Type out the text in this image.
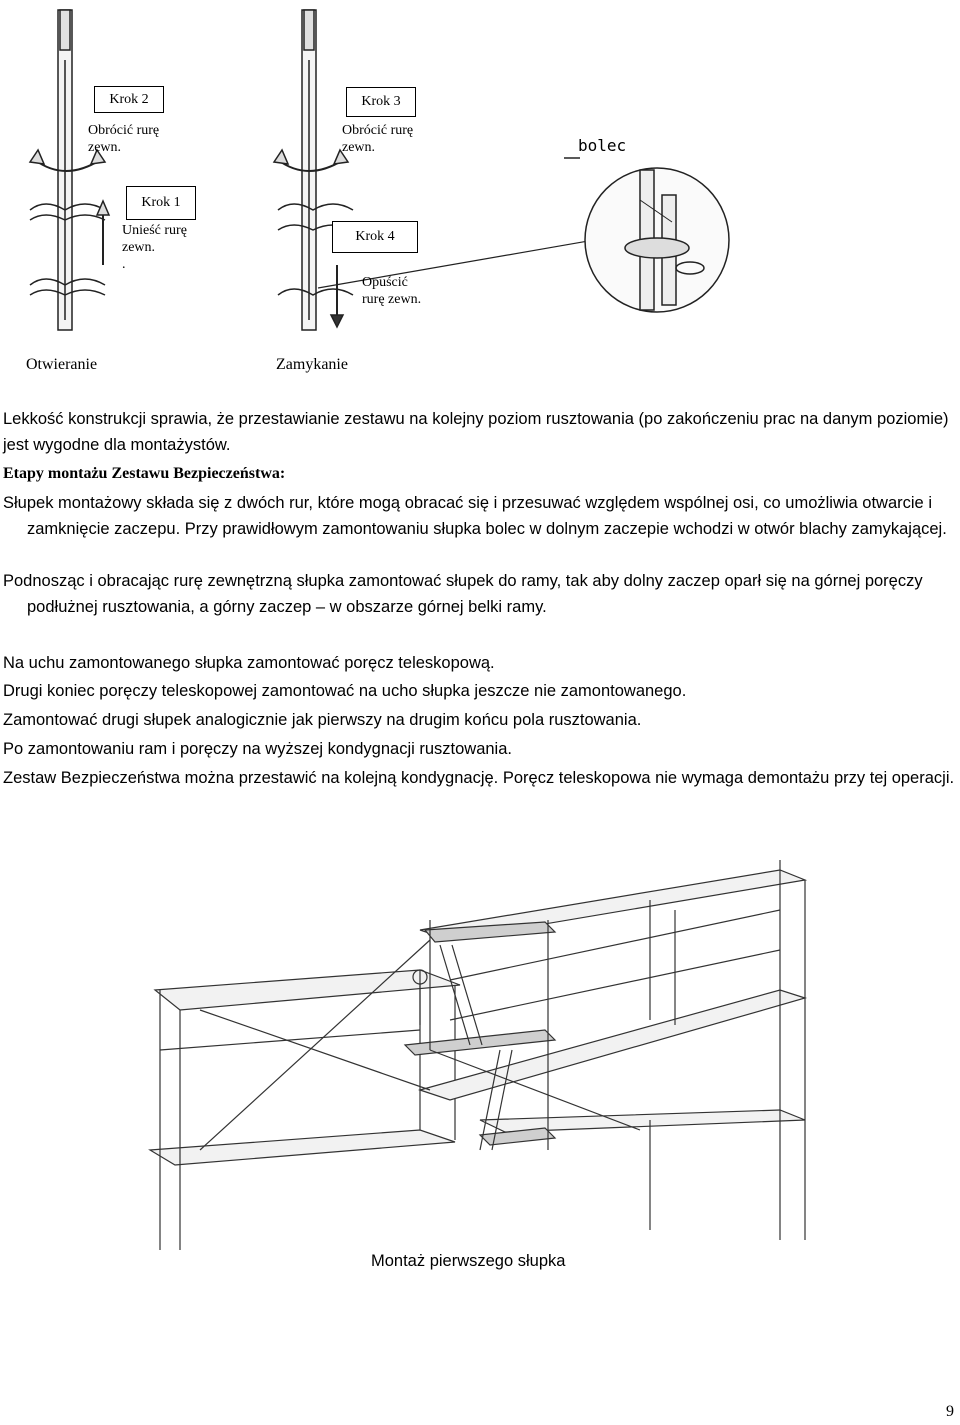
Krok 2	Krok 3
Krok 1
Krok 4
Obrócić rurę
zewn.
Obrócić rurę
zewn.
Unieść rurę
zewn.
.
Opuścić
rurę zewn.
bolec
Otwieranie	Zamykanie
Lekkość konstrukcji sprawia, że przestawianie zestawu na kolejny poziom rusztowania (po zakończeniu prac na danym poziomie) jest wygodne dla montażystów.
Etapy montażu Zestawu Bezpieczeństwa:
Słupek montażowy składa się z dwóch rur, które mogą obracać się i przesuwać względem wspólnej osi, co umożliwia otwarcie i zamknięcie zaczepu. Przy prawidłowym zamontowaniu słupka bolec w dolnym zaczepie wchodzi w otwór blachy zamykającej.
Podnosząc i obracając rurę zewnętrzną słupka zamontować słupek do ramy, tak aby dolny zaczep oparł się na górnej poręczy podłużnej rusztowania, a górny zaczep – w obszarze górnej belki ramy.
Na uchu zamontowanego słupka zamontować poręcz teleskopową.
Drugi koniec poręczy teleskopowej zamontować na ucho słupka jeszcze nie zamontowanego.
Zamontować drugi słupek analogicznie jak pierwszy na drugim końcu pola rusztowania.
Po zamontowaniu ram i poręczy na wyższej kondygnacji rusztowania.
Zestaw Bezpieczeństwa można przestawić na kolejną kondygnację. Poręcz teleskopowa nie wymaga demontażu przy tej operacji.
Montaż pierwszego słupka
9
